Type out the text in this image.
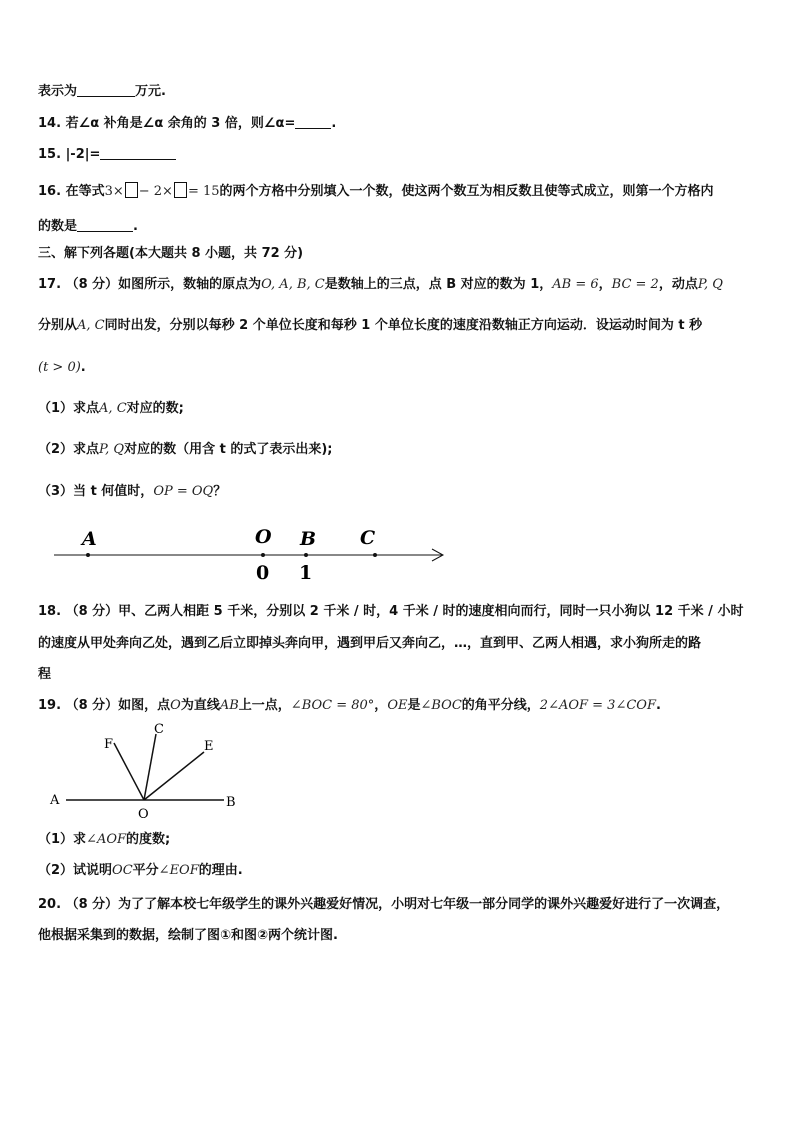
表示为	万元.
14. 若∠α 补角是∠α 余角的 3 倍，则∠α=	.
15. |-2|=
16. 在等式3× − 2× = 15的两个方格中分别填入一个数，使这两个数互为相反数且使等式成立，则第一个方格内
的数是	.
三、解下列各题(本大题共 8 小题，共 72 分)
17. （8 分）如图所示，数轴的原点为O, A, B, C是数轴上的三点，点 B 对应的数为 1，AB = 6，BC = 2，动点P, Q
分别从A, C同时出发，分别以每秒 2 个单位长度和每秒 1 个单位长度的速度沿数轴正方向运动．设运动时间为 t 秒
(t > 0).
（1）求点A, C对应的数;
（2）求点P, Q对应的数（用含 t 的式了表示出来);
（3）当 t 何值时，OP = OQ？
A	O B C
0 1
18. （8 分）甲、乙两人相距 5 千米，分别以 2 千米 / 时，4 千米 / 时的速度相向而行，同时一只小狗以 12 千米 / 小时
的速度从甲处奔向乙处，遇到乙后立即掉头奔向甲，遇到甲后又奔向乙，…，直到甲、乙两人相遇，求小狗所走的路
程
19. （8 分）如图，点O为直线AB上一点，∠BOC = 80°，OE是∠BOC的角平分线，2∠AOF = 3∠COF.
A
O
B
F
C
E
（1）求∠AOF的度数;
（2）试说明OC平分∠EOF的理由.
20. （8 分）为了了解本校七年级学生的课外兴趣爱好情况，小明对七年级一部分同学的课外兴趣爱好进行了一次调查，
他根据采集到的数据，绘制了图①和图②两个统计图.
